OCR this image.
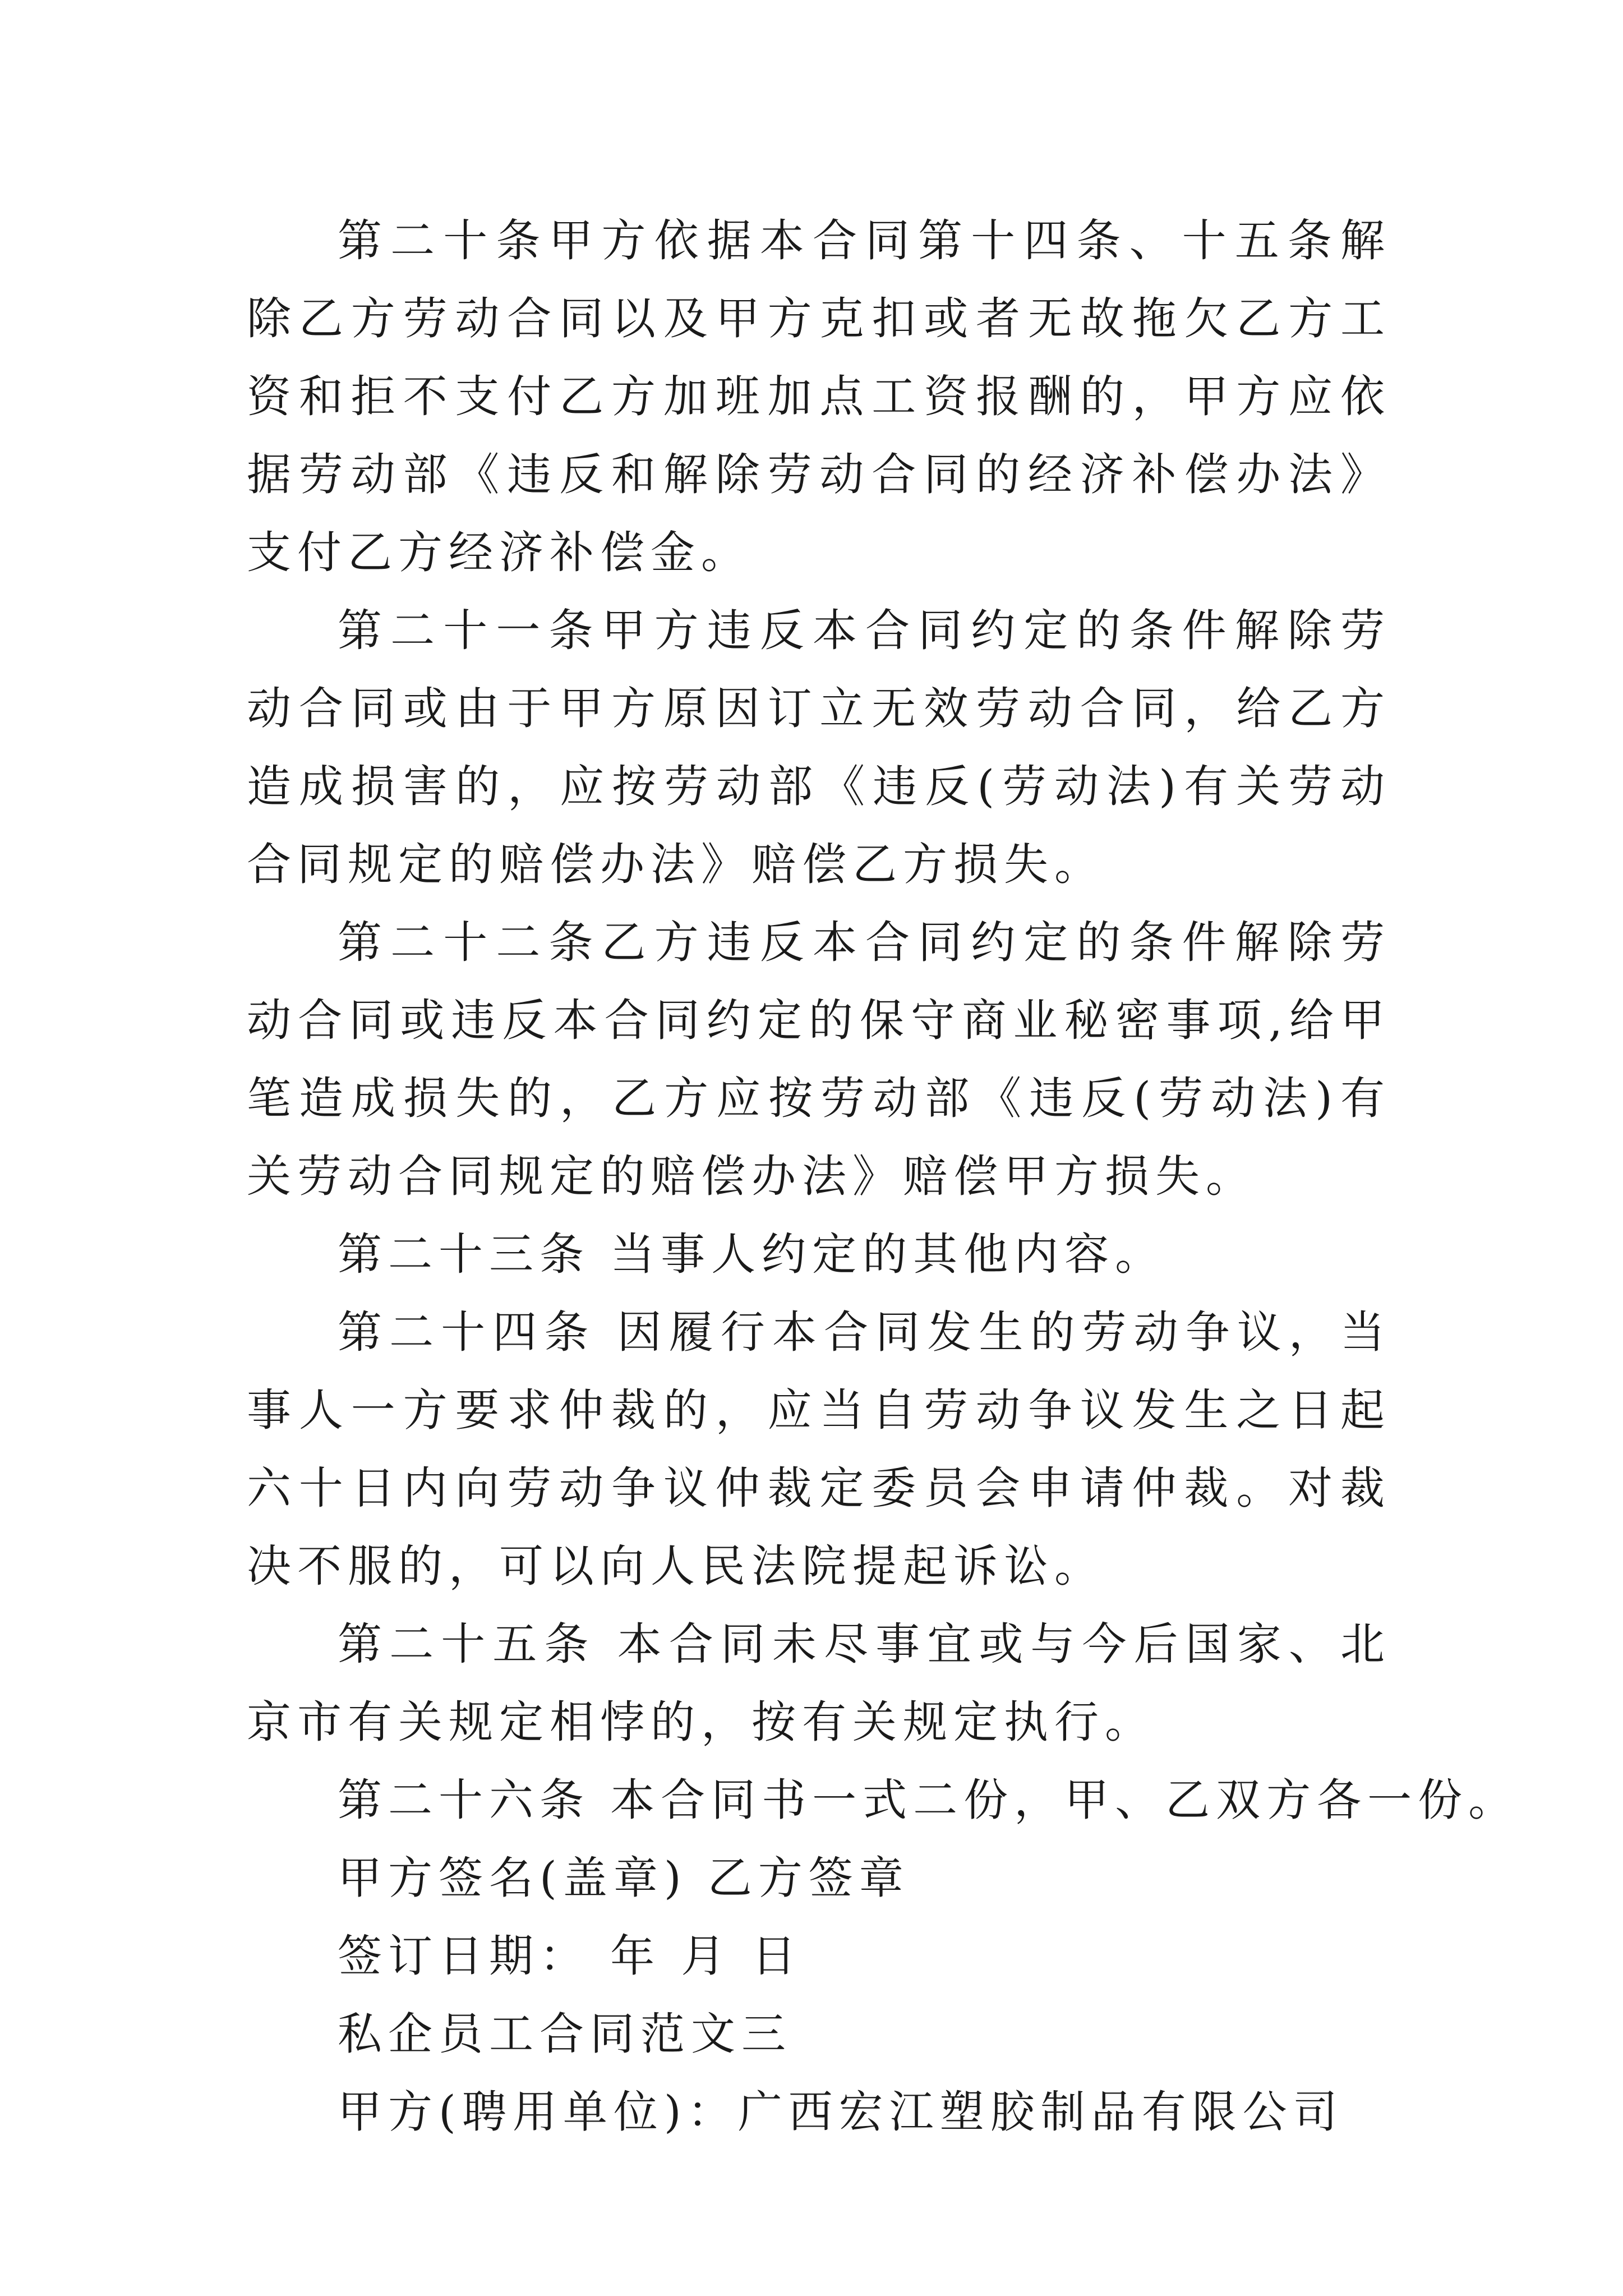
第二十条甲方依据本合同第十四条、十五条解除乙方劳动合同以及甲方克扣或者无故拖欠乙方工资和拒不支付乙方加班加点工资报酬的，甲方应依据劳动部《违反和解除劳动合同的经济补偿办法》支付乙方经济补偿金。

第二十一条甲方违反本合同约定的条件解除劳动合同或由于甲方原因订立无效劳动合同，给乙方造成损害的，应按劳动部《违反(劳动法)有关劳动合同规定的赔偿办法》赔偿乙方损失。

第二十二条乙方违反本合同约定的条件解除劳动合同或违反本合同约定的保守商业秘密事项,给甲笔造成损失的，乙方应按劳动部《违反(劳动法)有关劳动合同规定的赔偿办法》赔偿甲方损失。

第二十三条 当事人约定的其他内容。

第二十四条 因履行本合同发生的劳动争议，当事人一方要求仲裁的，应当自劳动争议发生之日起六十日内向劳动争议仲裁定委员会申请仲裁。对裁决不服的，可以向人民法院提起诉讼。

第二十五条 本合同未尽事宜或与今后国家、北京市有关规定相悖的，按有关规定执行。

第二十六条 本合同书一式二份，甲、乙双方各一份。

甲方签名(盖章) 乙方签章

签订日期： 年 月 日

私企员工合同范文三

甲方(聘用单位)：广西宏江塑胶制品有限公司
